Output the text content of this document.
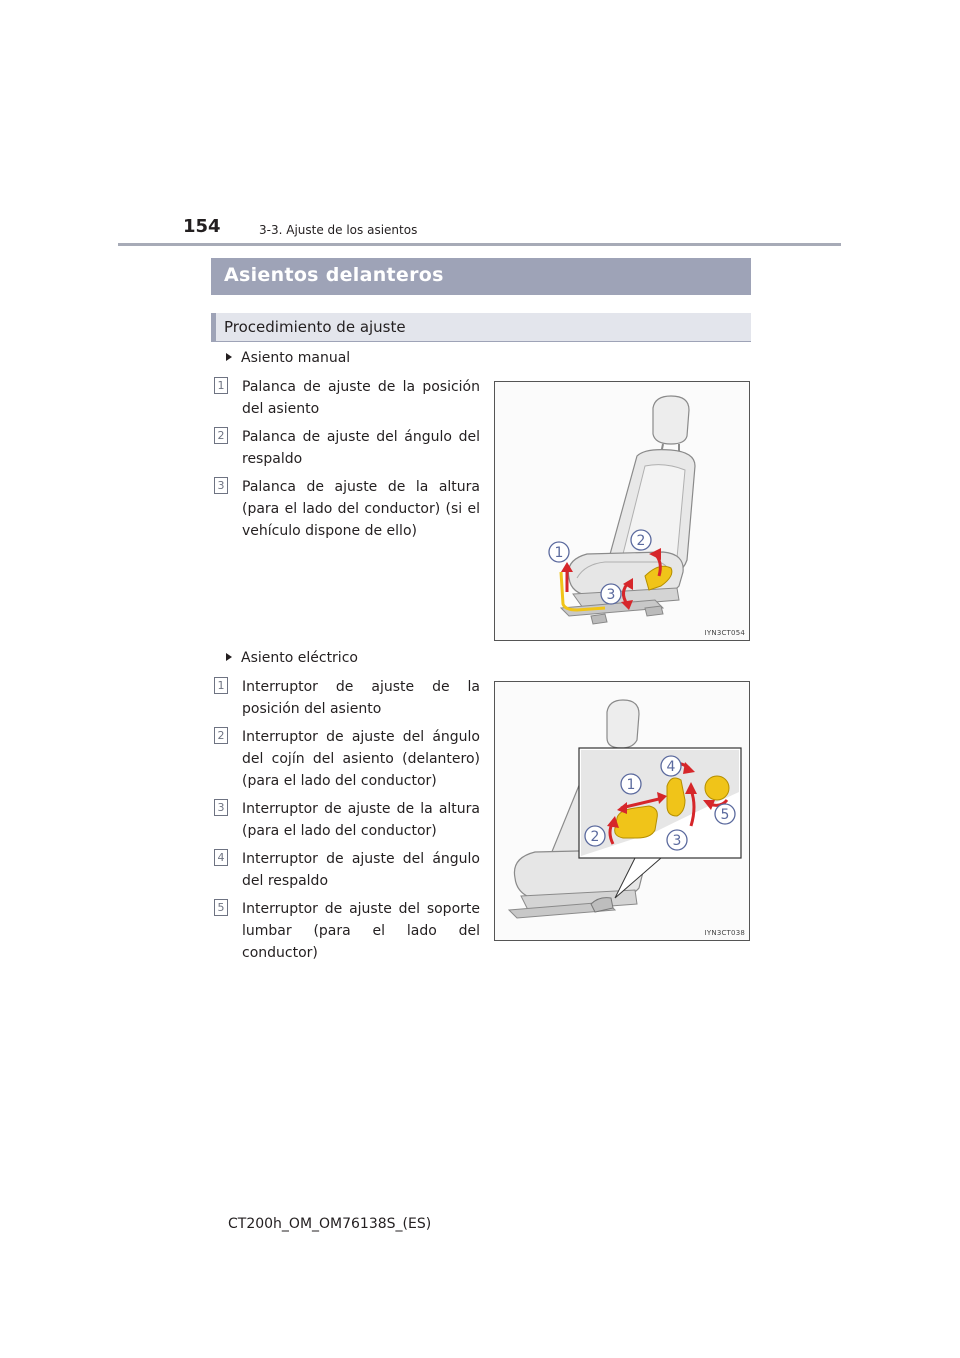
154	3-3. Ajuste de los asientos
Asientos delanteros
Procedimiento de ajuste
Asiento manual
1 Palanca de ajuste de la posición del asiento
2 Palanca de ajuste del ángulo del respaldo
3 Palanca de ajuste de la altura (para el lado del conductor) (si el vehículo dispone de ello)
1
2
3
IYN3CT054
Asiento eléctrico
1 Interruptor de ajuste de la posición del asiento
2 Interruptor de ajuste del ángulo del cojín del asiento (delantero) (para el lado del conductor)
3 Interruptor de ajuste de la altura (para el lado del conductor)
4 Interruptor de ajuste del ángulo del respaldo
5 Interruptor de ajuste del soporte lumbar (para el lado del conductor)
1
2	3
4
5
IYN3CT038
CT200h_OM_OM76138S_(ES)
